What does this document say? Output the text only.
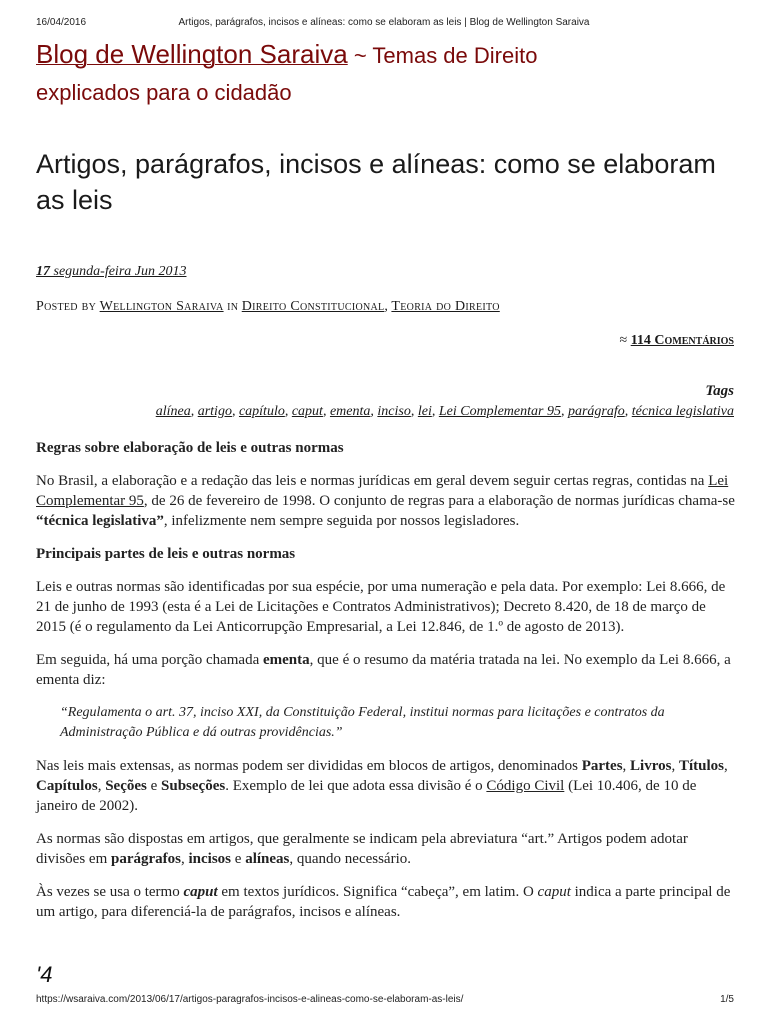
16/04/2016	Artigos, parágrafos, incisos e alíneas: como se elaboram as leis | Blog de Wellington Saraiva
Blog de Wellington Saraiva ~ Temas de Direito
explicados para o cidadão
Artigos, parágrafos, incisos e alíneas: como se elaboram as leis
17 segunda-feira Jun 2013
Posted by Wellington Saraiva in Direito Constitucional, Teoria do Direito
≈ 114 Comentários
Tags
alínea, artigo, capítulo, caput, ementa, inciso, lei, Lei Complementar 95, parágrafo, técnica legislativa
Regras sobre elaboração de leis e outras normas

No Brasil, a elaboração e a redação das leis e normas jurídicas em geral devem seguir certas regras, contidas na Lei Complementar 95, de 26 de fevereiro de 1998. O conjunto de regras para a elaboração de normas jurídicas chama-se “técnica legislativa”, infelizmente nem sempre seguida por nossos legisladores.

Principais partes de leis e outras normas

Leis e outras normas são identificadas por sua espécie, por uma numeração e pela data. Por exemplo: Lei 8.666, de 21 de junho de 1993 (esta é a Lei de Licitações e Contratos Administrativos); Decreto 8.420, de 18 de março de 2015 (é o regulamento da Lei Anticorrupção Empresarial, a Lei 12.846, de 1.º de agosto de 2013).

Em seguida, há uma porção chamada ementa, que é o resumo da matéria tratada na lei. No exemplo da Lei 8.666, a ementa diz:

“Regulamenta o art. 37, inciso XXI, da Constituição Federal, institui normas para licitações e contratos da Administração Pública e dá outras providências.”

Nas leis mais extensas, as normas podem ser divididas em blocos de artigos, denominados Partes, Livros, Títulos, Capítulos, Seções e Subseções. Exemplo de lei que adota essa divisão é o Código Civil (Lei 10.406, de 10 de janeiro de 2002).

As normas são dispostas em artigos, que geralmente se indicam pela abreviatura “art.” Artigos podem adotar divisões em parágrafos, incisos e alíneas, quando necessário.

Às vezes se usa o termo caput em textos jurídicos. Significa “cabeça”, em latim. O caput indica a parte principal de um artigo, para diferenciá-la de parágrafos, incisos e alíneas.

'4
https://wsaraiva.com/2013/06/17/artigos-paragrafos-incisos-e-alineas-como-se-elaboram-as-leis/	1/5
